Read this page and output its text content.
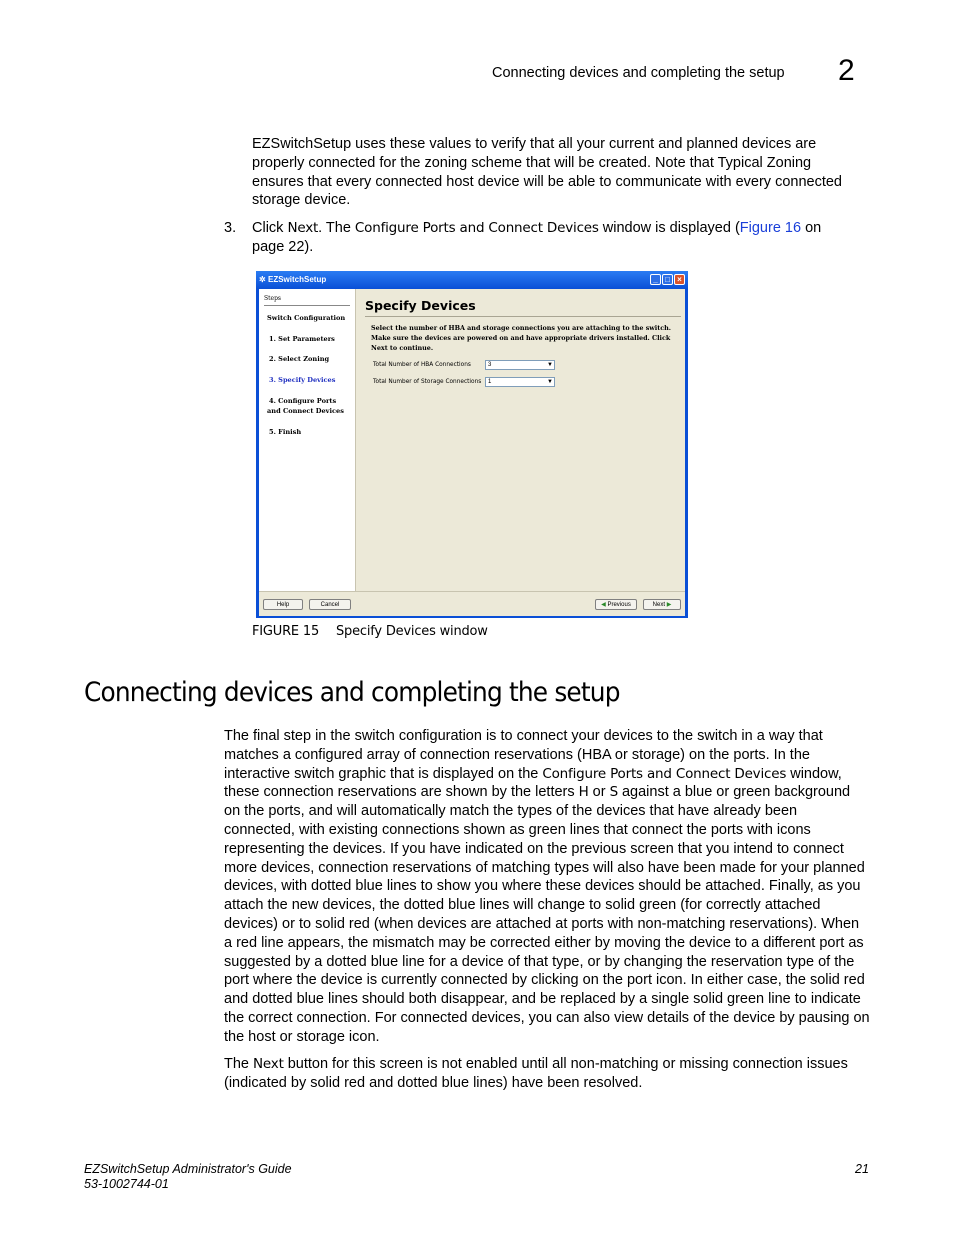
Connecting devices and completing the setup 2
EZSwitchSetup uses these values to verify that all your current and planned devices are properly connected for the zoning scheme that will be created. Note that Typical Zoning ensures that every connected host device will be able to communicate with every connected storage device.
3. Click Next. The Configure Ports and Connect Devices window is displayed (Figure 16 on
page 22).
✲ EZSwitchSetup	_ □ ×
Steps
Switch Configuration
1. Set Parameters
2. Select Zoning
3. Specify Devices
4. Configure Ports
and Connect Devices
5. Finish
Specify Devices
Select the number of HBA and storage connections you are attaching to the switch. Make sure the devices are powered on and have appropriate drivers installed. Click Next to continue.
Total Number of HBA Connections	3	▼
Total Number of Storage Connections	1	▼
Help	Cancel	◀ Previous	Next ▶
FIGURE 15 Specify Devices window
Connecting devices and completing the setup
The final step in the switch configuration is to connect your devices to the switch in a way that matches a configured array of connection reservations (HBA or storage) on the ports. In the interactive switch graphic that is displayed on the Configure Ports and Connect Devices window, these connection reservations are shown by the letters H or S against a blue or green background on the ports, and will automatically match the types of the devices that have already been connected, with existing connections shown as green lines that connect the ports with icons representing the devices. If you have indicated on the previous screen that you intend to connect more devices, connection reservations of matching types will also have been made for your planned devices, with dotted blue lines to show you where these devices should be attached. Finally, as you attach the new devices, the dotted blue lines will change to solid green (for correctly attached devices) or to solid red (when devices are attached at ports with non-matching reservations). When a red line appears, the mismatch may be corrected either by moving the device to a different port as suggested by a dotted blue line for a device of that type, or by changing the reservation type of the port where the device is currently connected by clicking on the port icon. In either case, the solid red and dotted blue lines should both disappear, and be replaced by a single solid green line to indicate the correct connection. For connected devices, you can also view details of the device by pausing on the host or storage icon.
The Next button for this screen is not enabled until all non-matching or missing connection issues (indicated by solid red and dotted blue lines) have been resolved.
EZSwitchSetup Administrator's Guide
53-1002744-01
21
